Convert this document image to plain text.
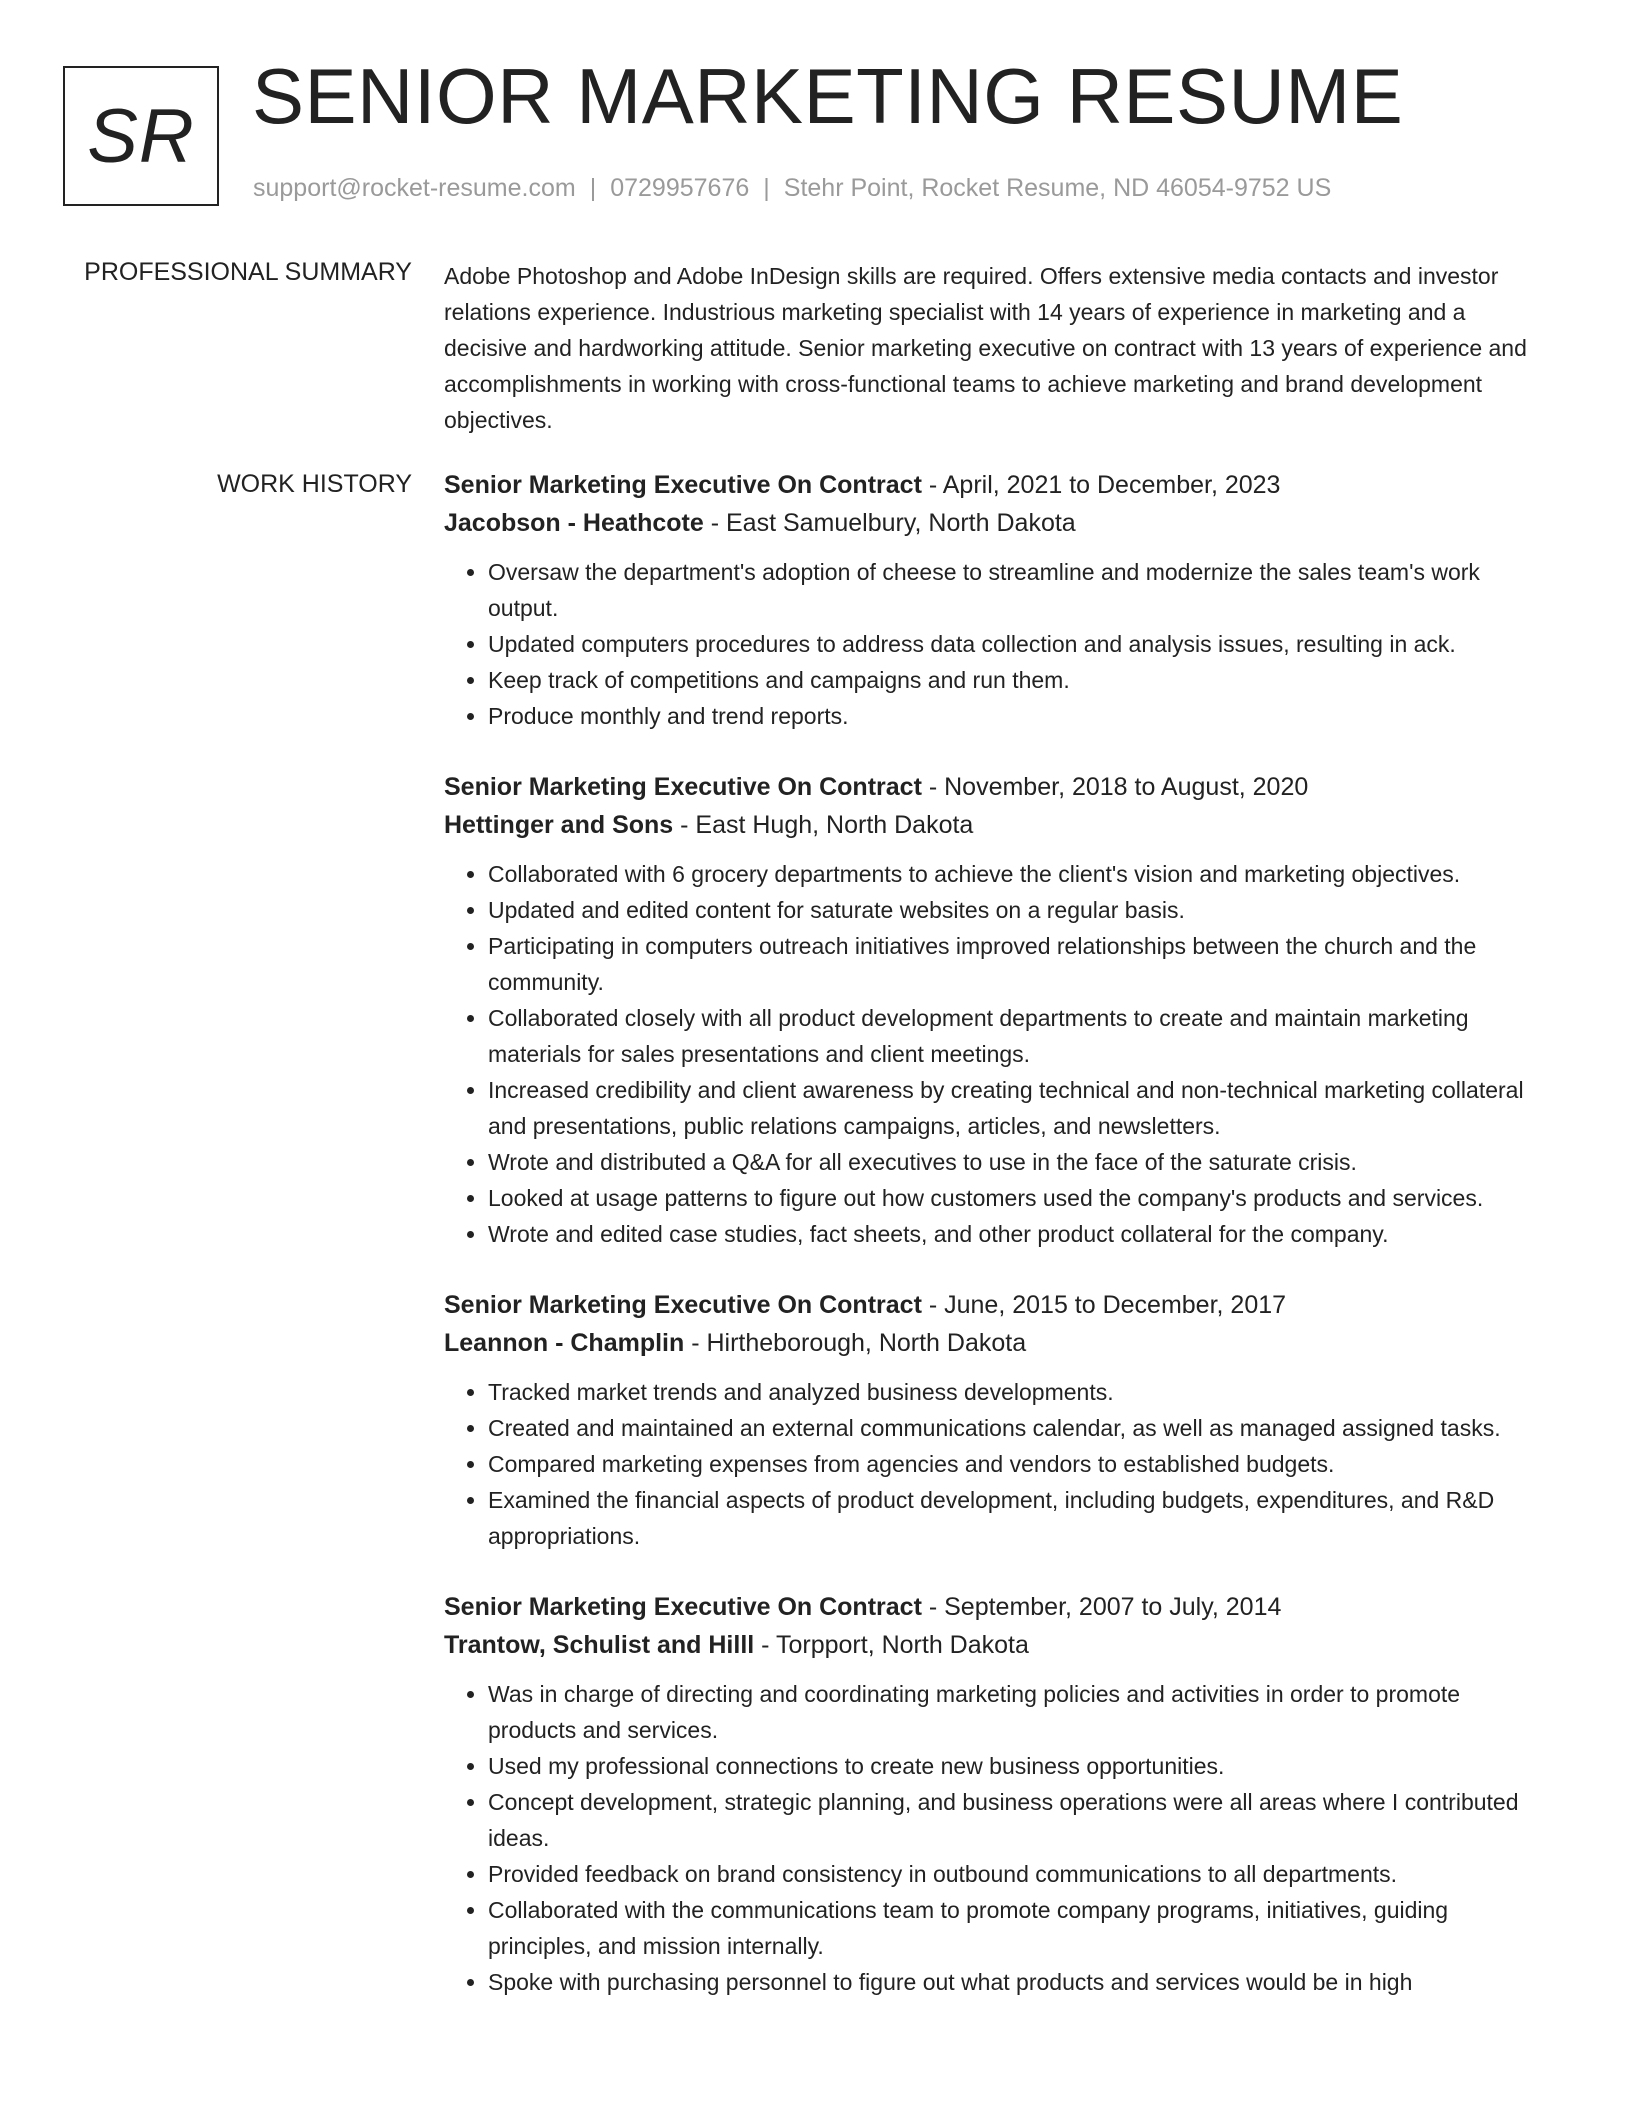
SR SENIOR MARKETING RESUME
support@rocket-resume.com | 0729957676 | Stehr Point, Rocket Resume, ND 46054-9752 US
PROFESSIONAL SUMMARY Adobe Photoshop and Adobe InDesign skills are required. Offers extensive media contacts and investor relations experience. Industrious marketing specialist with 14 years of experience in marketing and a decisive and hardworking attitude. Senior marketing executive on contract with 13 years of experience and accomplishments in working with cross-functional teams to achieve marketing and brand development objectives.

WORK HISTORY Senior Marketing Executive On Contract - April, 2021 to December, 2023
Jacobson - Heathcote - East Samuelbury, North Dakota
• Oversaw the department's adoption of cheese to streamline and modernize the sales team's work output.
• Updated computers procedures to address data collection and analysis issues, resulting in ack.
• Keep track of competitions and campaigns and run them.
• Produce monthly and trend reports.
Senior Marketing Executive On Contract - November, 2018 to August, 2020
Hettinger and Sons - East Hugh, North Dakota
• Collaborated with 6 grocery departments to achieve the client's vision and marketing objectives.
• Updated and edited content for saturate websites on a regular basis.
• Participating in computers outreach initiatives improved relationships between the church and the community.
• Collaborated closely with all product development departments to create and maintain marketing materials for sales presentations and client meetings.
• Increased credibility and client awareness by creating technical and non-technical marketing collateral and presentations, public relations campaigns, articles, and newsletters.
• Wrote and distributed a Q&A for all executives to use in the face of the saturate crisis.
• Looked at usage patterns to figure out how customers used the company's products and services.
• Wrote and edited case studies, fact sheets, and other product collateral for the company.
Senior Marketing Executive On Contract - June, 2015 to December, 2017
Leannon - Champlin - Hirtheborough, North Dakota
• Tracked market trends and analyzed business developments.
• Created and maintained an external communications calendar, as well as managed assigned tasks.
• Compared marketing expenses from agencies and vendors to established budgets.
• Examined the financial aspects of product development, including budgets, expenditures, and R&D appropriations.
Senior Marketing Executive On Contract - September, 2007 to July, 2014
Trantow, Schulist and Hilll - Torpport, North Dakota
• Was in charge of directing and coordinating marketing policies and activities in order to promote products and services.
• Used my professional connections to create new business opportunities.
• Concept development, strategic planning, and business operations were all areas where I contributed ideas.
• Provided feedback on brand consistency in outbound communications to all departments.
• Collaborated with the communications team to promote company programs, initiatives, guiding principles, and mission internally.
• Spoke with purchasing personnel to figure out what products and services would be in high
